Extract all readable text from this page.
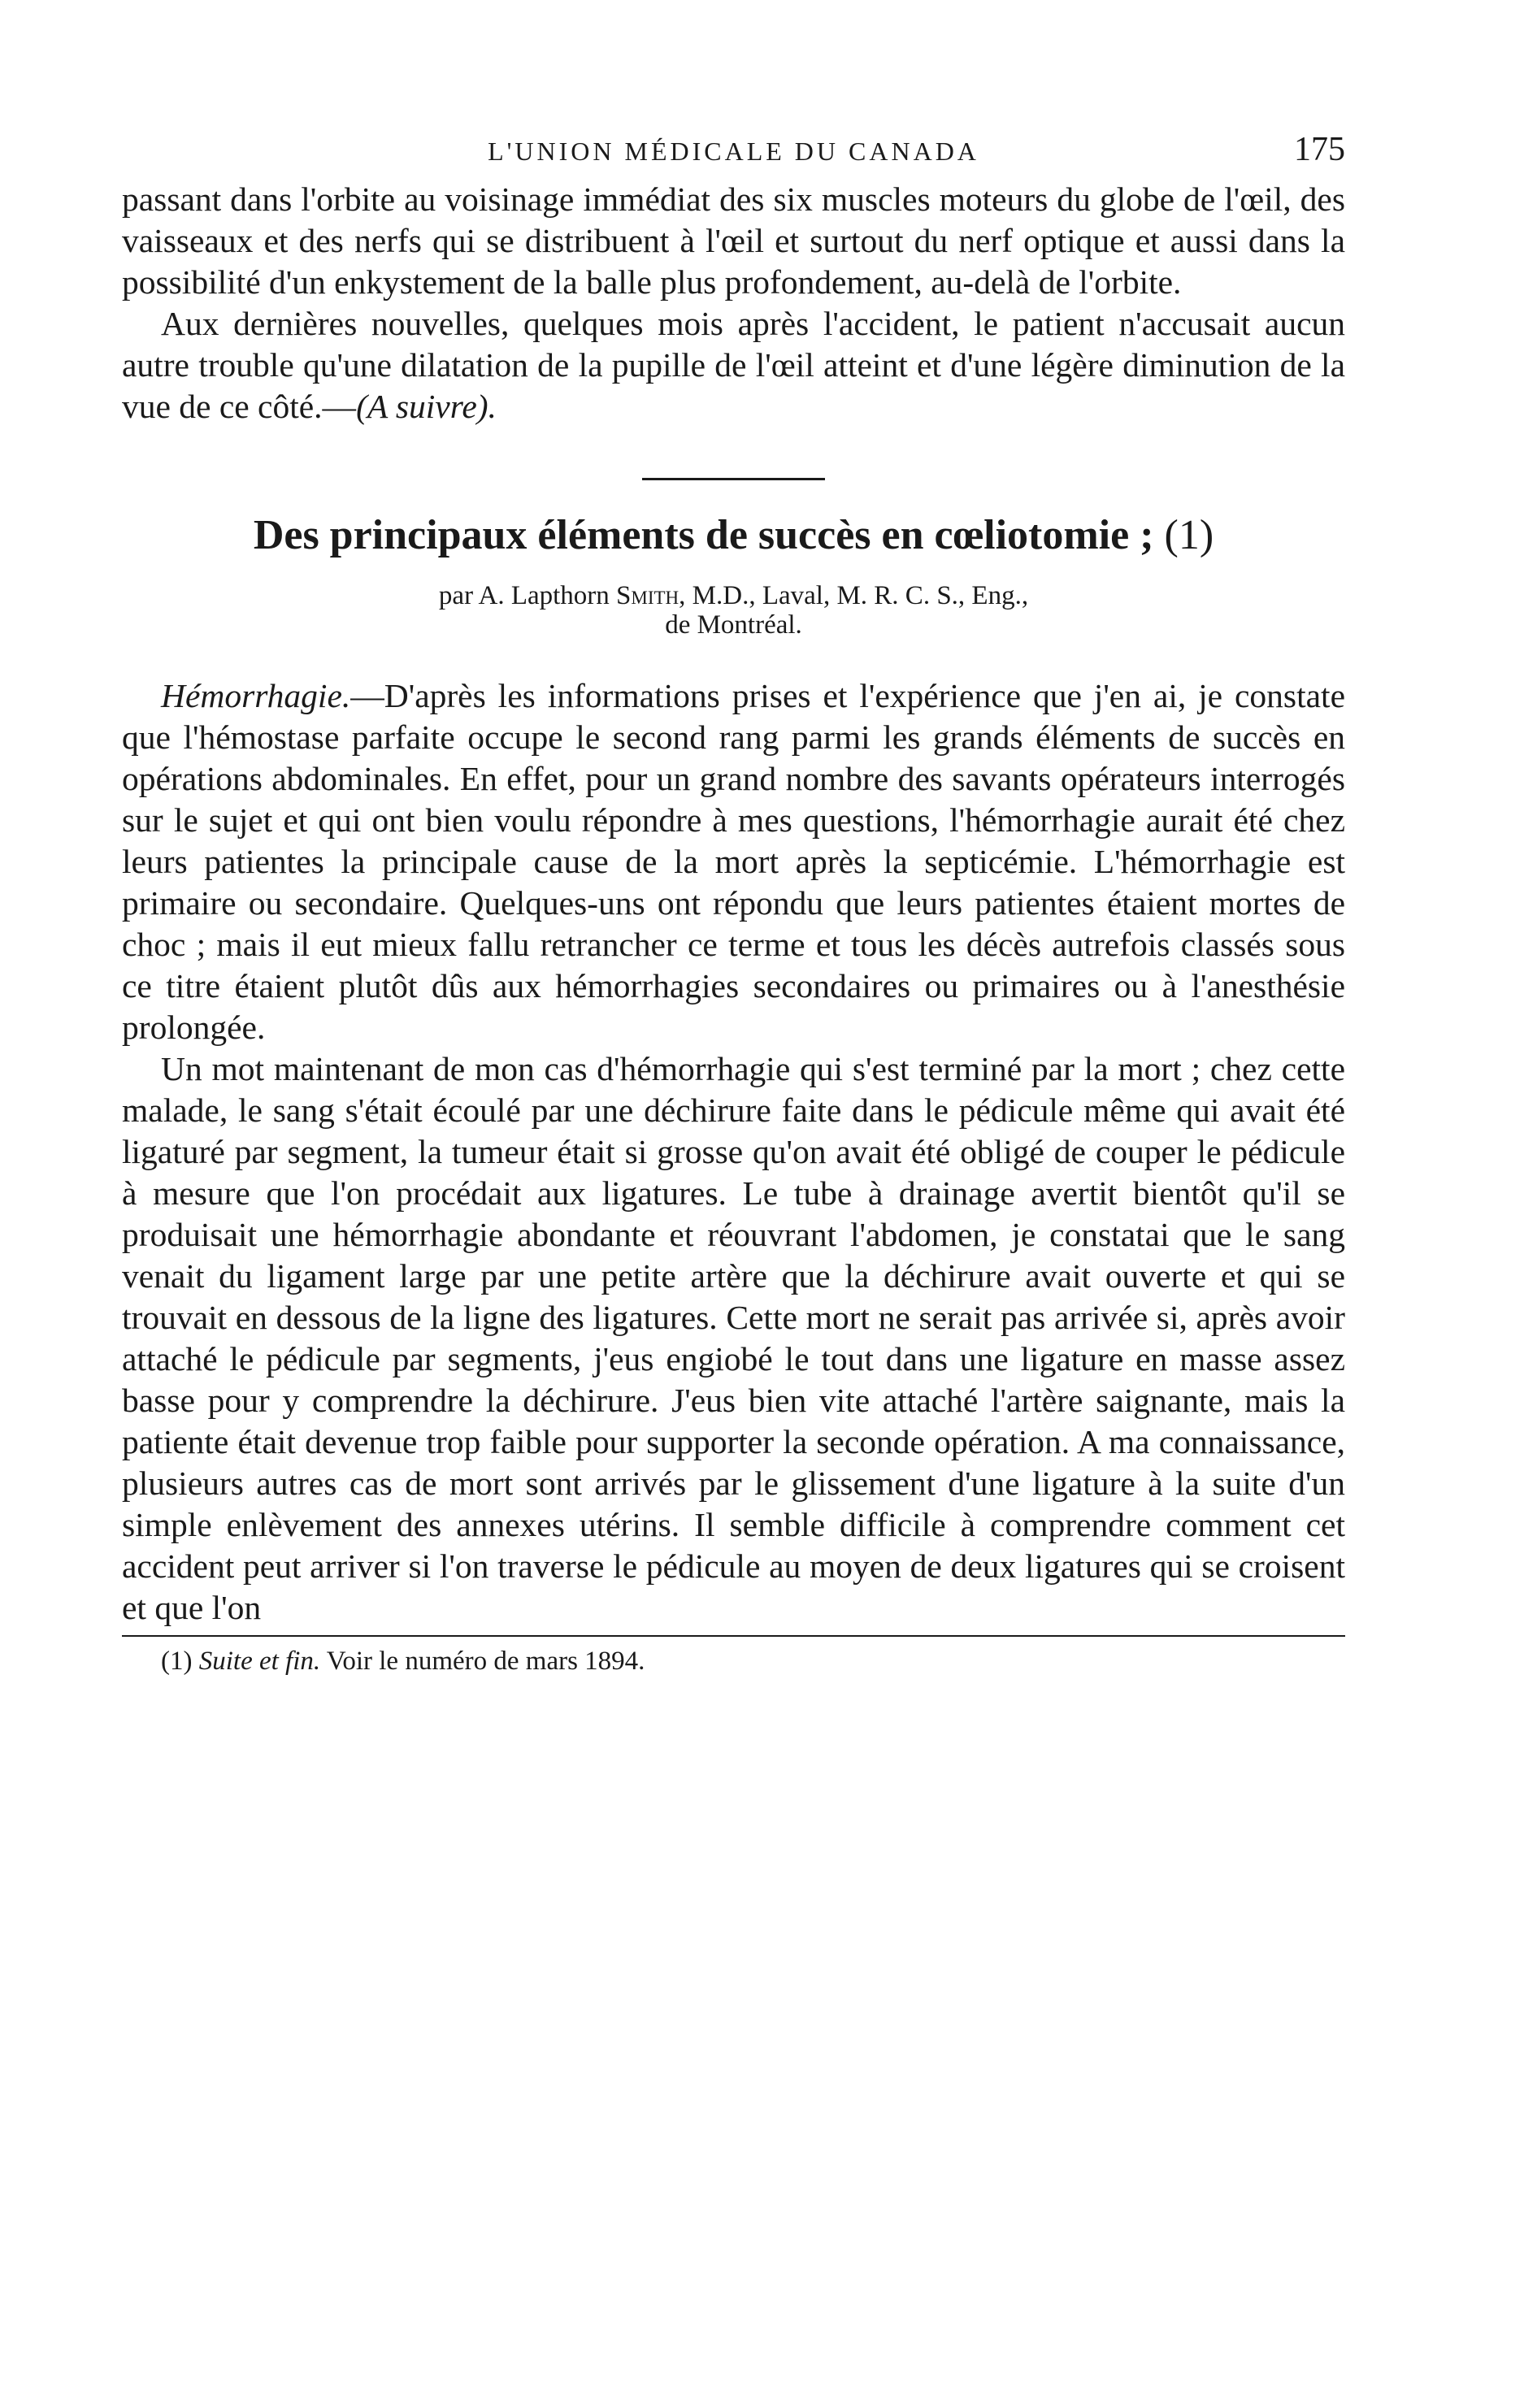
L'UNION MÉDICALE DU CANADA	175

passant dans l'orbite au voisinage immédiat des six muscles moteurs du globe de l'œil, des vaisseaux et des nerfs qui se distribuent à l'œil et surtout du nerf optique et aussi dans la possibilité d'un enkystement de la balle plus profondement, au-delà de l'orbite.

Aux dernières nouvelles, quelques mois après l'accident, le patient n'accusait aucun autre trouble qu'une dilatation de la pupille de l'œil atteint et d'une légère diminution de la vue de ce côté.—(A suivre).

Des principaux éléments de succès en cœliotomie ; (1)
par A. Lapthorn Smith, M.D., Laval, M. R. C. S., Eng.,
de Montréal.

Hémorrhagie.—D'après les informations prises et l'expérience que j'en ai, je constate que l'hémostase parfaite occupe le second rang parmi les grands éléments de succès en opérations abdominales. En effet, pour un grand nombre des savants opérateurs interrogés sur le sujet et qui ont bien voulu répondre à mes questions, l'hémorrhagie aurait été chez leurs patientes la principale cause de la mort après la septicémie. L'hémorrhagie est primaire ou secondaire. Quelques-uns ont répondu que leurs patientes étaient mortes de choc ; mais il eut mieux fallu retrancher ce terme et tous les décès autrefois classés sous ce titre étaient plutôt dûs aux hémorrhagies secondaires ou primaires ou à l'anesthésie prolongée.

Un mot maintenant de mon cas d'hémorrhagie qui s'est terminé par la mort ; chez cette malade, le sang s'était écoulé par une déchirure faite dans le pédicule même qui avait été ligaturé par segment, la tumeur était si grosse qu'on avait été obligé de couper le pédicule à mesure que l'on procédait aux ligatures. Le tube à drainage avertit bientôt qu'il se produisait une hémorrhagie abondante et réouvrant l'abdomen, je constatai que le sang venait du ligament large par une petite artère que la déchirure avait ouverte et qui se trouvait en dessous de la ligne des ligatures. Cette mort ne serait pas arrivée si, après avoir attaché le pédicule par segments, j'eus engiobé le tout dans une ligature en masse assez basse pour y comprendre la déchirure. J'eus bien vite attaché l'artère saignante, mais la patiente était devenue trop faible pour supporter la seconde opération. A ma connaissance, plusieurs autres cas de mort sont arrivés par le glissement d'une ligature à la suite d'un simple enlèvement des annexes utérins. Il semble difficile à comprendre comment cet accident peut arriver si l'on traverse le pédicule au moyen de deux ligatures qui se croisent et que l'on

(1) Suite et fin. Voir le numéro de mars 1894.
